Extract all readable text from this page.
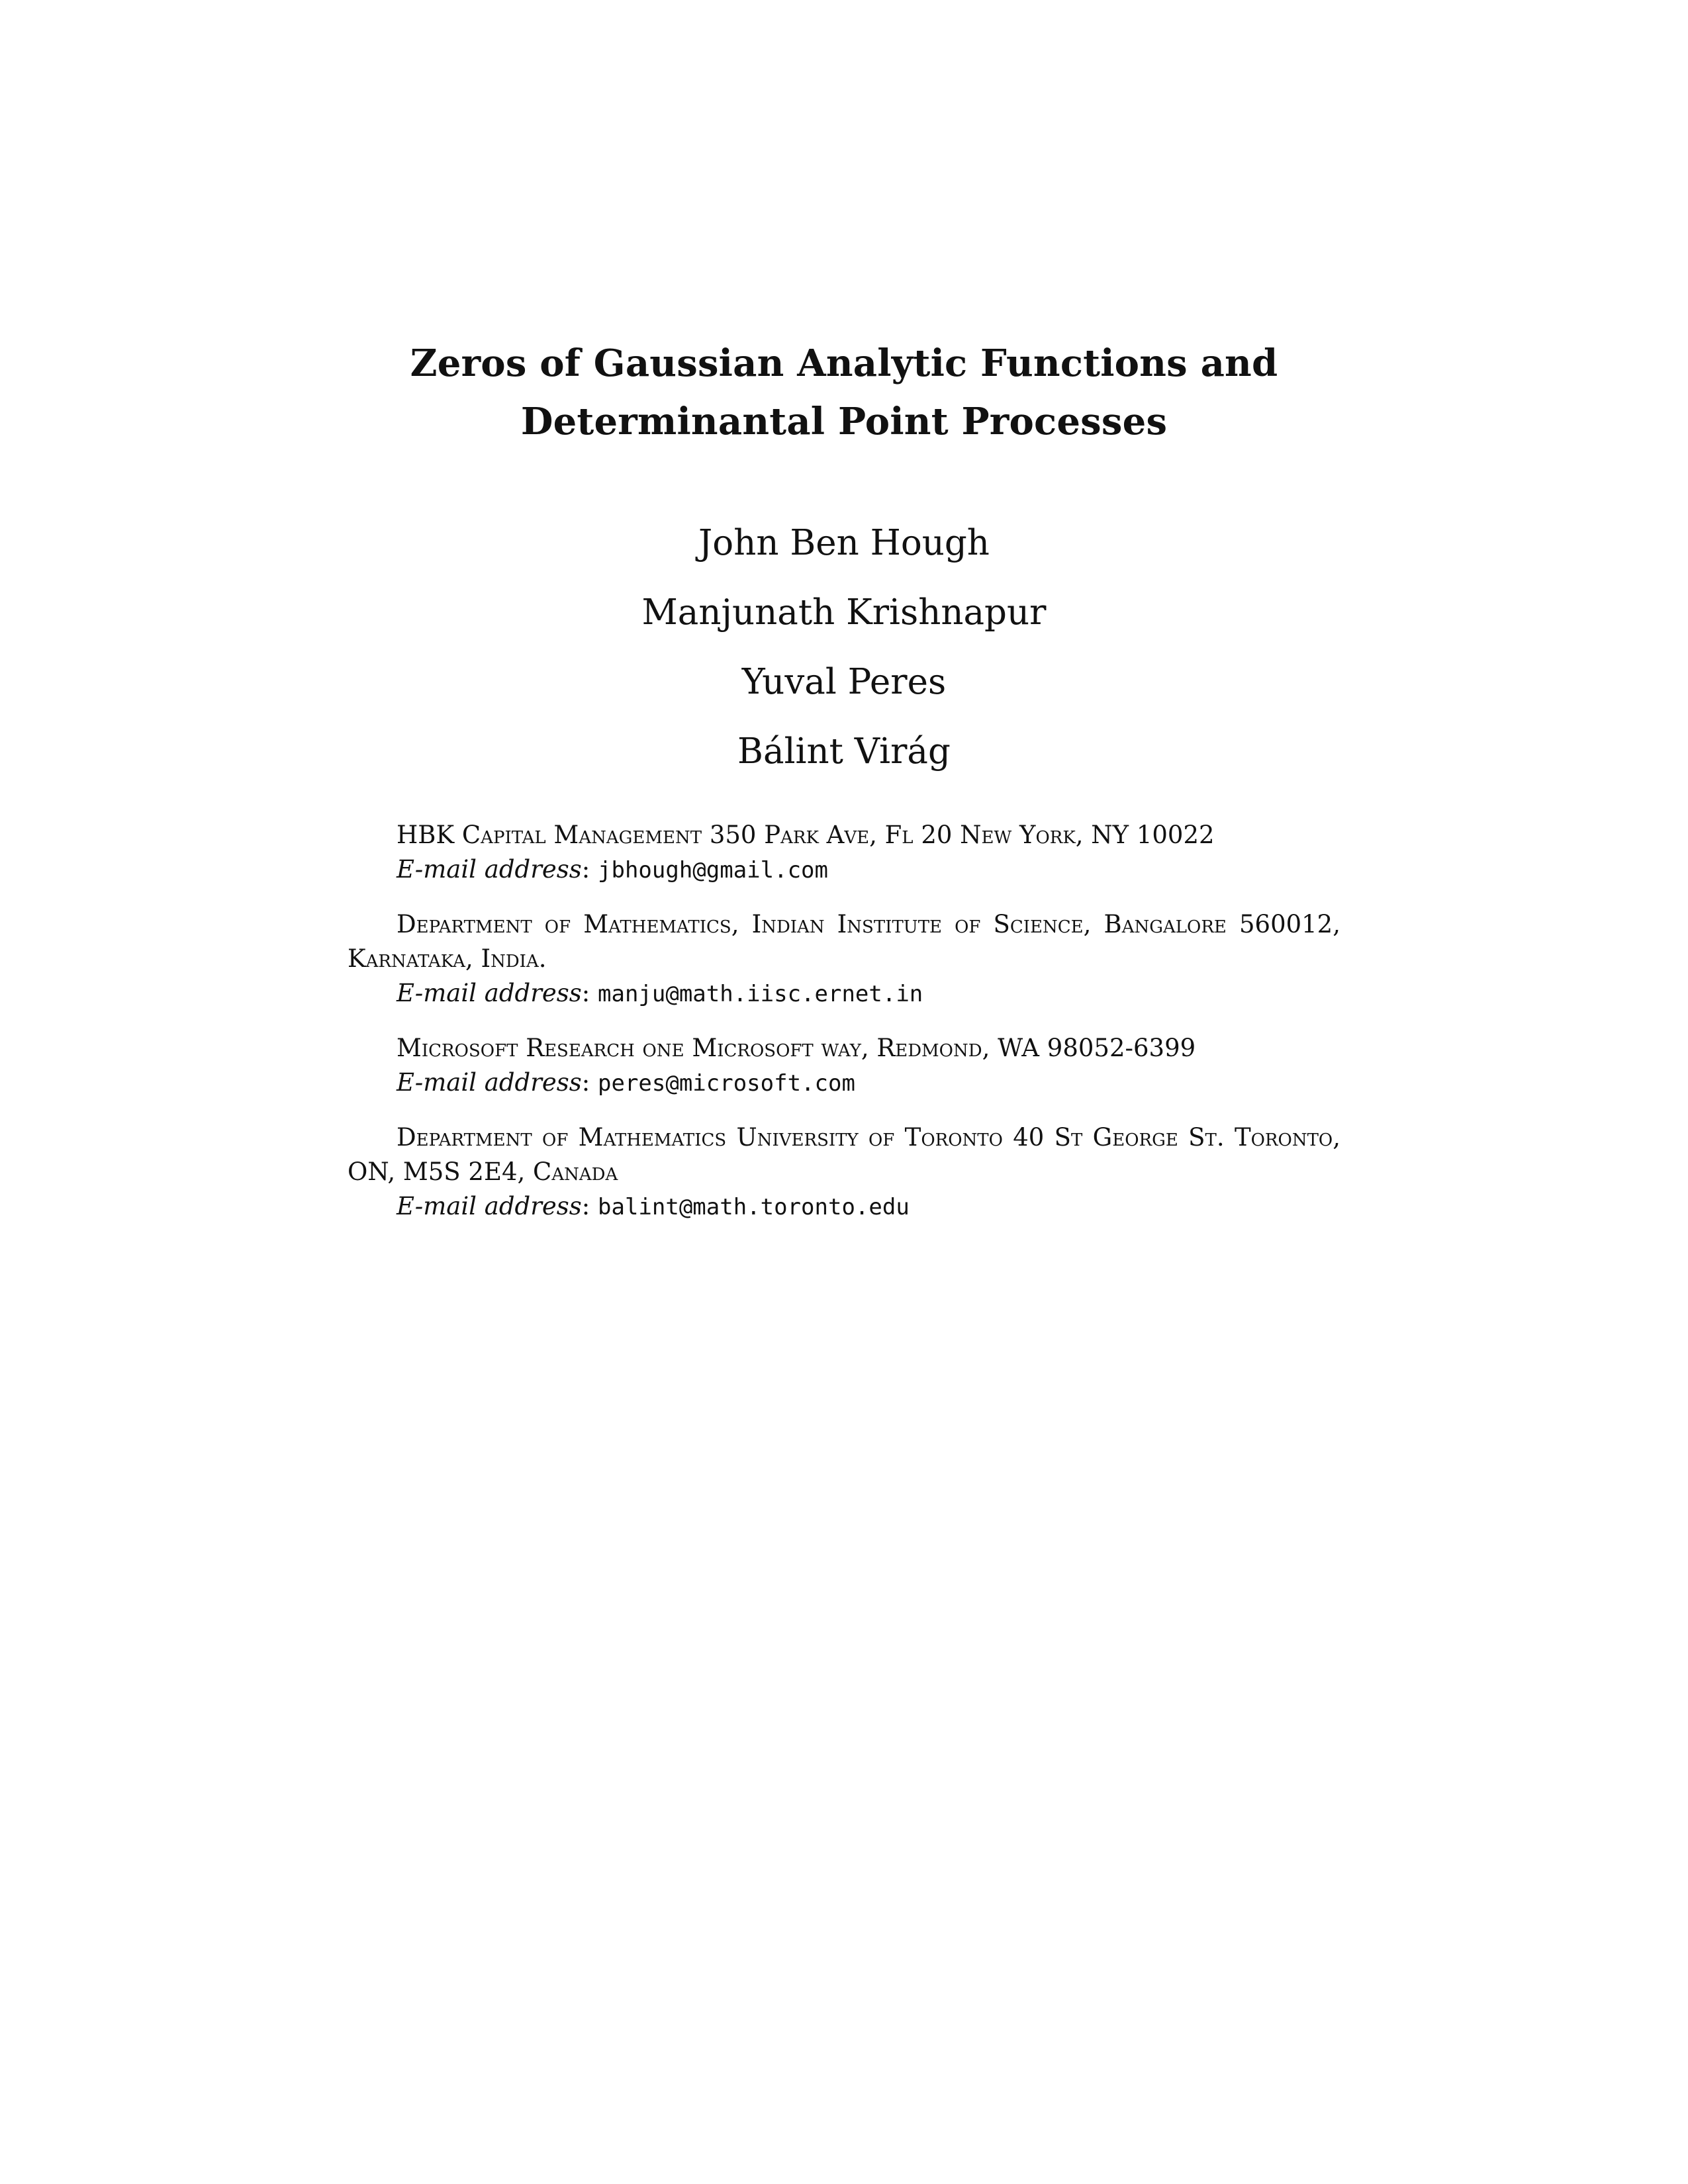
Zeros of Gaussian Analytic Functions and
Determinantal Point Processes
John Ben Hough
Manjunath Krishnapur
Yuval Peres
Bálint Virág
HBK Capital Management 350 Park Ave, Fl 20 New York, NY 10022
E-mail address: jbhough@gmail.com
Department of Mathematics, Indian Institute of Science, Bangalore 560012, Karnataka, India.
E-mail address: manju@math.iisc.ernet.in
Microsoft Research one Microsoft way, Redmond, WA 98052-6399
E-mail address: peres@microsoft.com
Department of Mathematics University of Toronto 40 St George St. Toronto, ON, M5S 2E4, Canada
E-mail address: balint@math.toronto.edu
